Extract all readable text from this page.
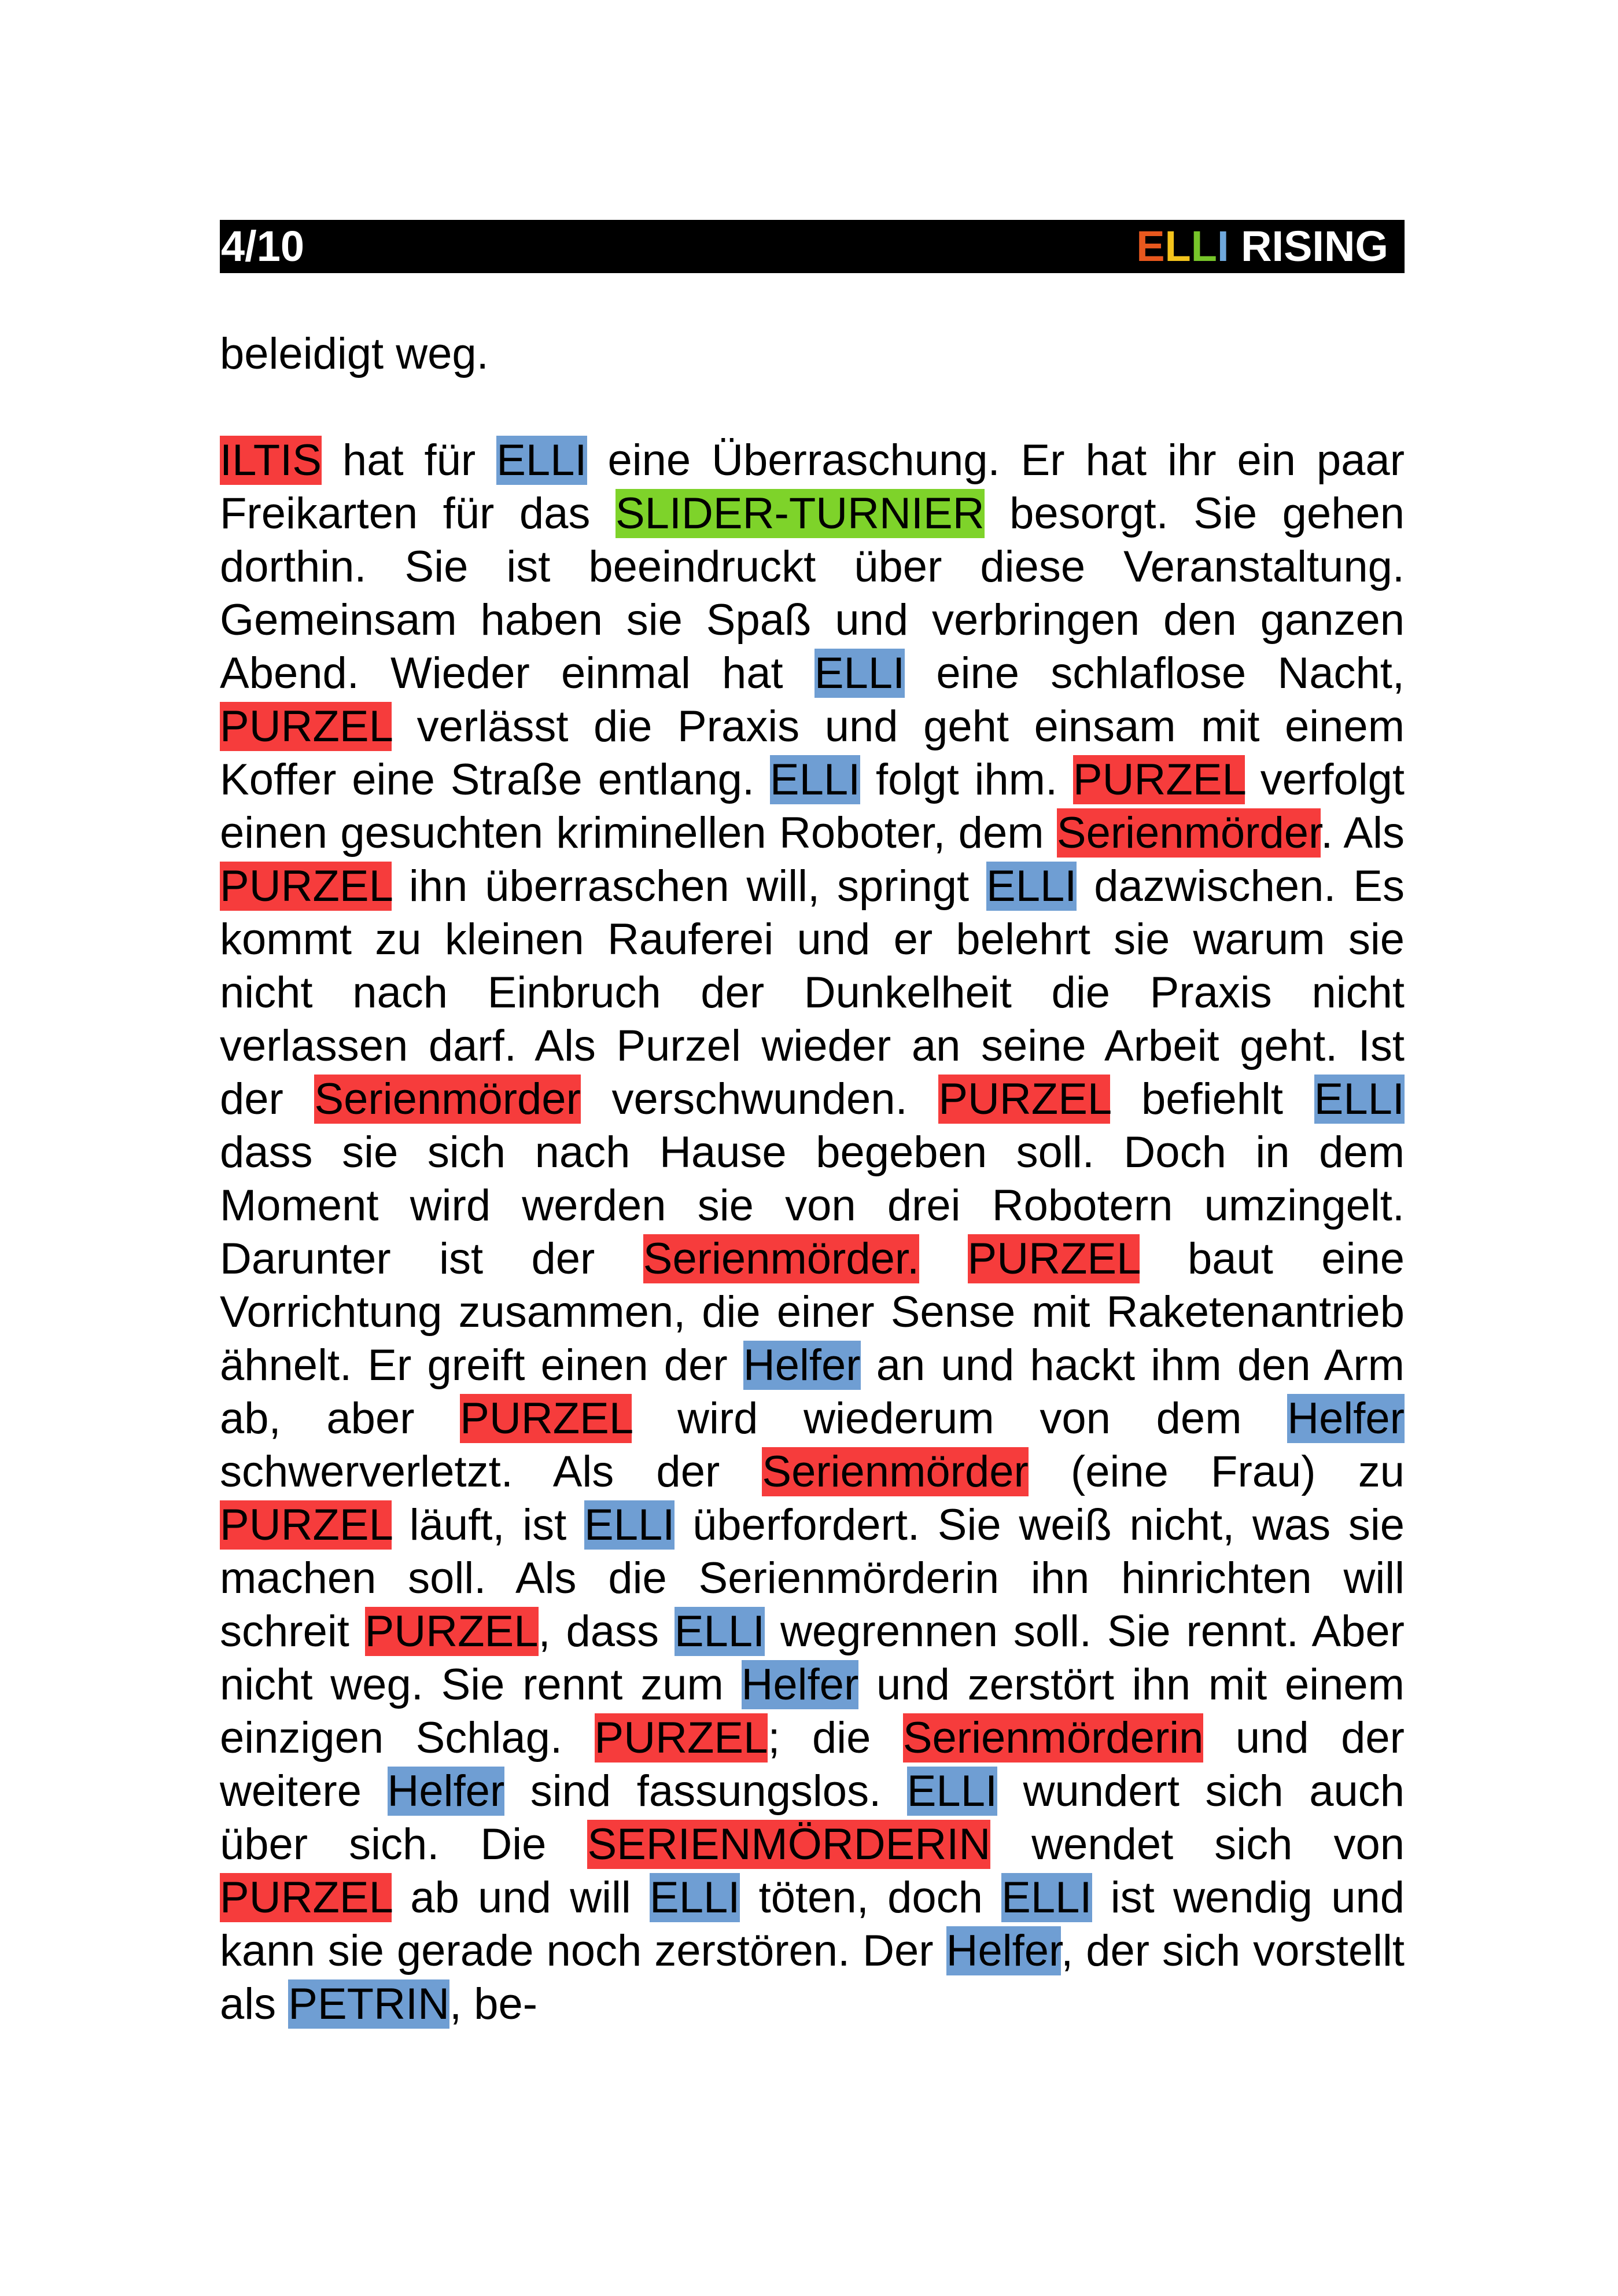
4/10	ELLI RISING

beleidigt weg.

ILTIS hat für ELLI eine Überraschung. Er hat ihr ein paar Freikarten für das SLIDER-TURNIER besorgt. Sie gehen dorthin. Sie ist beeindruckt über diese Veranstaltung. Gemeinsam haben sie Spaß und verbringen den ganzen Abend. Wieder einmal hat ELLI eine schlaflose Nacht, PURZEL verlässt die Praxis und geht einsam mit einem Koffer eine Straße entlang. ELLI folgt ihm. PURZEL verfolgt einen gesuchten kriminellen Roboter, dem Serienmörder. Als PURZEL ihn überraschen will, springt ELLI dazwischen. Es kommt zu kleinen Rauferei und er belehrt sie warum sie nicht nach Einbruch der Dunkelheit die Praxis nicht verlassen darf. Als Purzel wieder an seine Arbeit geht. Ist der Serienmörder verschwunden. PURZEL befiehlt ELLI dass sie sich nach Hause begeben soll. Doch in dem Moment wird werden sie von drei Robotern umzingelt. Darunter ist der Serienmörder. PURZEL baut eine Vorrichtung zusammen, die einer Sense mit Raketenantrieb ähnelt. Er greift einen der Helfer an und hackt ihm den Arm ab, aber PURZEL wird wiederum von dem Helfer schwerverletzt. Als der Serienmörder (eine Frau) zu PURZEL läuft, ist ELLI überfordert. Sie weiß nicht, was sie machen soll. Als die Serienmörderin ihn hinrichten will schreit PURZEL, dass ELLI wegrennen soll. Sie rennt. Aber nicht weg. Sie rennt zum Helfer und zerstört ihn mit einem einzigen Schlag. PURZEL; die Serienmörderin und der weitere Helfer sind fassungslos. ELLI wundert sich auch über sich. Die SERIENMÖRDERIN wendet sich von PURZEL ab und will ELLI töten, doch ELLI ist wendig und kann sie gerade noch zerstören. Der Helfer, der sich vorstellt als PETRIN, be-
